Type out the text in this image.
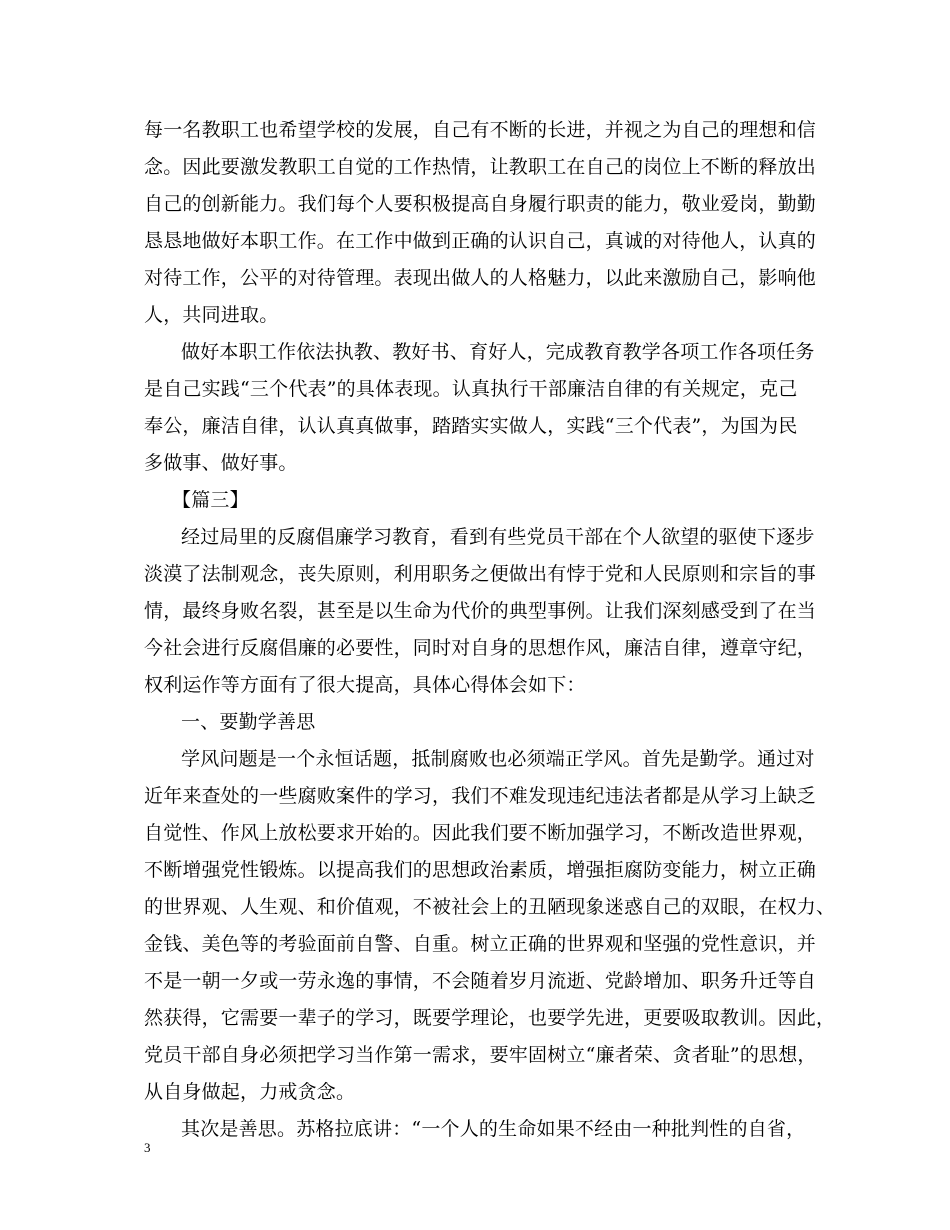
每一名教职工也希望学校的发展，自己有不断的长进，并视之为自己的理想和信
念。因此要激发教职工自觉的工作热情，让教职工在自己的岗位上不断的释放出
自己的创新能力。我们每个人要积极提高自身履行职责的能力，敬业爱岗，勤勤
恳恳地做好本职工作。在工作中做到正确的认识自己，真诚的对待他人，认真的
对待工作，公平的对待管理。表现出做人的人格魅力，以此来激励自己，影响他
人，共同进取。
做好本职工作依法执教、教好书、育好人，完成教育教学各项工作各项任务
是自己实践“三个代表”的具体表现。认真执行干部廉洁自律的有关规定，克己
奉公，廉洁自律，认认真真做事，踏踏实实做人，实践“三个代表”，为国为民
多做事、做好事。
【篇三】
经过局里的反腐倡廉学习教育，看到有些党员干部在个人欲望的驱使下逐步
淡漠了法制观念，丧失原则，利用职务之便做出有悖于党和人民原则和宗旨的事
情，最终身败名裂，甚至是以生命为代价的典型事例。让我们深刻感受到了在当
今社会进行反腐倡廉的必要性，同时对自身的思想作风，廉洁自律，遵章守纪，
权利运作等方面有了很大提高，具体心得体会如下：
一、要勤学善思
学风问题是一个永恒话题，抵制腐败也必须端正学风。首先是勤学。通过对
近年来查处的一些腐败案件的学习，我们不难发现违纪违法者都是从学习上缺乏
自觉性、作风上放松要求开始的。因此我们要不断加强学习，不断改造世界观，
不断增强党性锻炼。以提高我们的思想政治素质，增强拒腐防变能力，树立正确
的世界观、人生观、和价值观，不被社会上的丑陋现象迷惑自己的双眼，在权力、
金钱、美色等的考验面前自警、自重。树立正确的世界观和坚强的党性意识，并
不是一朝一夕或一劳永逸的事情，不会随着岁月流逝、党龄增加、职务升迁等自
然获得，它需要一辈子的学习，既要学理论，也要学先进，更要吸取教训。因此，
党员干部自身必须把学习当作第一需求，要牢固树立“廉者荣、贪者耻”的思想，
从自身做起，力戒贪念。
其次是善思。苏格拉底讲：“一个人的生命如果不经由一种批判性的自省，
3
